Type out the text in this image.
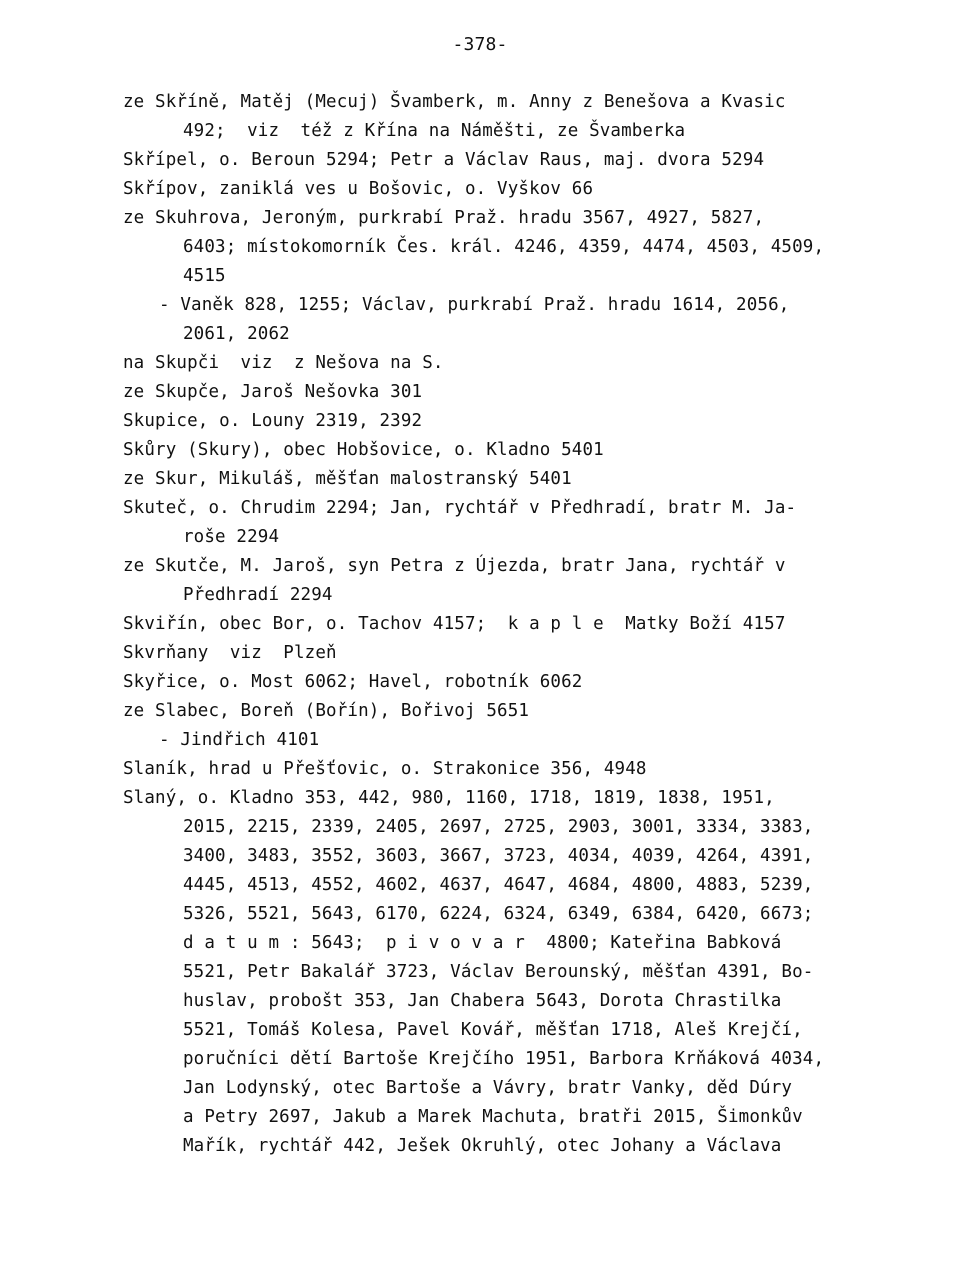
-378-
ze Skříně, Matěj (Mecuj) Švamberk, m. Anny z Benešova a Kvasic
492;  viz  též z Křína na Náměšti, ze Švamberka
Skřípel, o. Beroun 5294; Petr a Václav Raus, maj. dvora 5294
Skřípov, zaniklá ves u Bošovic, o. Vyškov 66
ze Skuhrova, Jeroným, purkrabí Praž. hradu 3567, 4927, 5827,
6403; místokomorník Čes. král. 4246, 4359, 4474, 4503, 4509,
4515
- Vaněk 828, 1255; Václav, purkrabí Praž. hradu 1614, 2056,
2061, 2062
na Skupči  viz  z Nešova na S.
ze Skupče, Jaroš Nešovka 301
Skupice, o. Louny 2319, 2392
Skůry (Skury), obec Hobšovice, o. Kladno 5401
ze Skur, Mikuláš, měšťan malostranský 5401
Skuteč, o. Chrudim 2294; Jan, rychtář v Předhradí, bratr M. Ja-
roše 2294
ze Skutče, M. Jaroš, syn Petra z Újezda, bratr Jana, rychtář v
Předhradí 2294
Skviřín, obec Bor, o. Tachov 4157;  k a p l e  Matky Boží 4157
Skvrňany  viz  Plzeň
Skyřice, o. Most 6062; Havel, robotník 6062
ze Slabec, Boreň (Bořín), Bořivoj 5651
- Jindřich 4101
Slaník, hrad u Přešťovic, o. Strakonice 356, 4948
Slaný, o. Kladno 353, 442, 980, 1160, 1718, 1819, 1838, 1951,
2015, 2215, 2339, 2405, 2697, 2725, 2903, 3001, 3334, 3383,
3400, 3483, 3552, 3603, 3667, 3723, 4034, 4039, 4264, 4391,
4445, 4513, 4552, 4602, 4637, 4647, 4684, 4800, 4883, 5239,
5326, 5521, 5643, 6170, 6224, 6324, 6349, 6384, 6420, 6673;
d a t u m : 5643;  p i v o v a r  4800; Kateřina Babková
5521, Petr Bakalář 3723, Václav Berounský, měšťan 4391, Bo-
huslav, probošt 353, Jan Chabera 5643, Dorota Chrastilka
5521, Tomáš Kolesa, Pavel Kovář, měšťan 1718, Aleš Krejčí,
poručníci dětí Bartoše Krejčího 1951, Barbora Krňáková 4034,
Jan Lodynský, otec Bartoše a Vávry, bratr Vanky, děd Dúry
a Petry 2697, Jakub a Marek Machuta, bratři 2015, Šimonkův
Mařík, rychtář 442, Ješek Okruhlý, otec Johany a Václava
